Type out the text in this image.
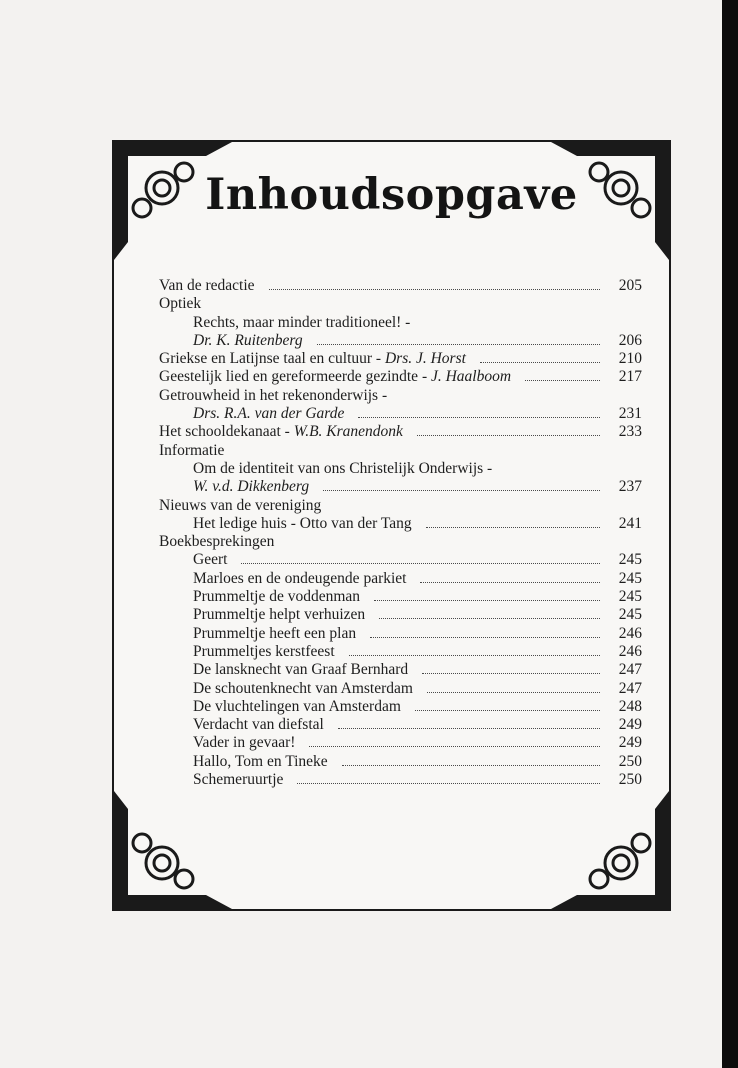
Inhoudsopgave
Van de redactie	205
Optiek
Rechts, maar minder traditioneel! -
Dr. K. Ruitenberg	206
Griekse en Latijnse taal en cultuur - Drs. J. Horst	210
Geestelijk lied en gereformeerde gezindte - J. Haalboom	217
Getrouwheid in het rekenonderwijs -
Drs. R.A. van der Garde	231
Het schooldekanaat - W.B. Kranendonk	233
Informatie
Om de identiteit van ons Christelijk Onderwijs -
W. v.d. Dikkenberg	237
Nieuws van de vereniging
Het ledige huis - Otto van der Tang	241
Boekbesprekingen
Geert	245
Marloes en de ondeugende parkiet	245
Prummeltje de voddenman	245
Prummeltje helpt verhuizen	245
Prummeltje heeft een plan	246
Prummeltjes kerstfeest	246
De lansknecht van Graaf Bernhard	247
De schoutenknecht van Amsterdam	247
De vluchtelingen van Amsterdam	248
Verdacht van diefstal	249
Vader in gevaar!	249
Hallo, Tom en Tineke	250
Schemeruurtje	250
